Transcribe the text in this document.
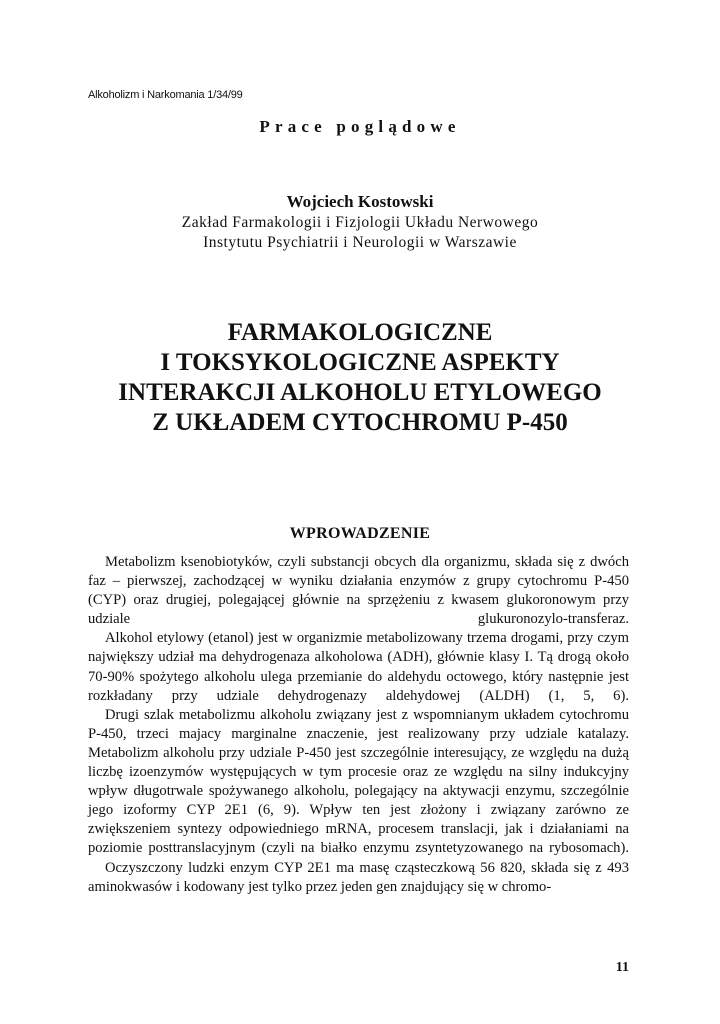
Alkoholizm i Narkomania 1/34/99
Prace poglądowe
Wojciech Kostowski
Zakład Farmakologii i Fizjologii Układu Nerwowego
Instytutu Psychiatrii i Neurologii w Warszawie
FARMAKOLOGICZNE
I TOKSYKOLOGICZNE ASPEKTY
INTERAKCJI ALKOHOLU ETYLOWEGO
Z UKŁADEM CYTOCHROMU P-450
WPROWADZENIE

Metabolizm ksenobiotyków, czyli substancji obcych dla organizmu, składa się z dwóch faz – pierwszej, zachodzącej w wyniku działania enzymów z grupy cytochromu P-450 (CYP) oraz drugiej, polegającej głównie na sprzężeniu z kwasem glukoronowym przy udziale glukuronozylo-transferaz.

Alkohol etylowy (etanol) jest w organizmie metabolizowany trzema drogami, przy czym największy udział ma dehydrogenaza alkoholowa (ADH), głównie klasy I. Tą drogą około 70-90% spożytego alkoholu ulega przemianie do aldehydu octowego, który następnie jest rozkładany przy udziale dehydrogenazy aldehydowej (ALDH) (1, 5, 6).

Drugi szlak metabolizmu alkoholu związany jest z wspomnianym układem cytochromu P-450, trzeci majacy marginalne znaczenie, jest realizowany przy udziale katalazy. Metabolizm alkoholu przy udziale P-450 jest szczególnie interesujący, ze względu na dużą liczbę izoenzymów występujących w tym procesie oraz ze względu na silny indukcyjny wpływ długotrwale spożywanego alkoholu, polegający na aktywacji enzymu, szczególnie jego izoformy CYP 2E1 (6, 9). Wpływ ten jest złożony i związany zarówno ze zwiększeniem syntezy odpowiedniego mRNA, procesem translacji, jak i działaniami na poziomie posttranslacyjnym (czyli na białko enzymu zsyntetyzowanego na rybosomach).

Oczyszczony ludzki enzym CYP 2E1 ma masę cząsteczkową 56 820, składa się z 493 aminokwasów i kodowany jest tylko przez jeden gen znajdujący się w chromo-

11
